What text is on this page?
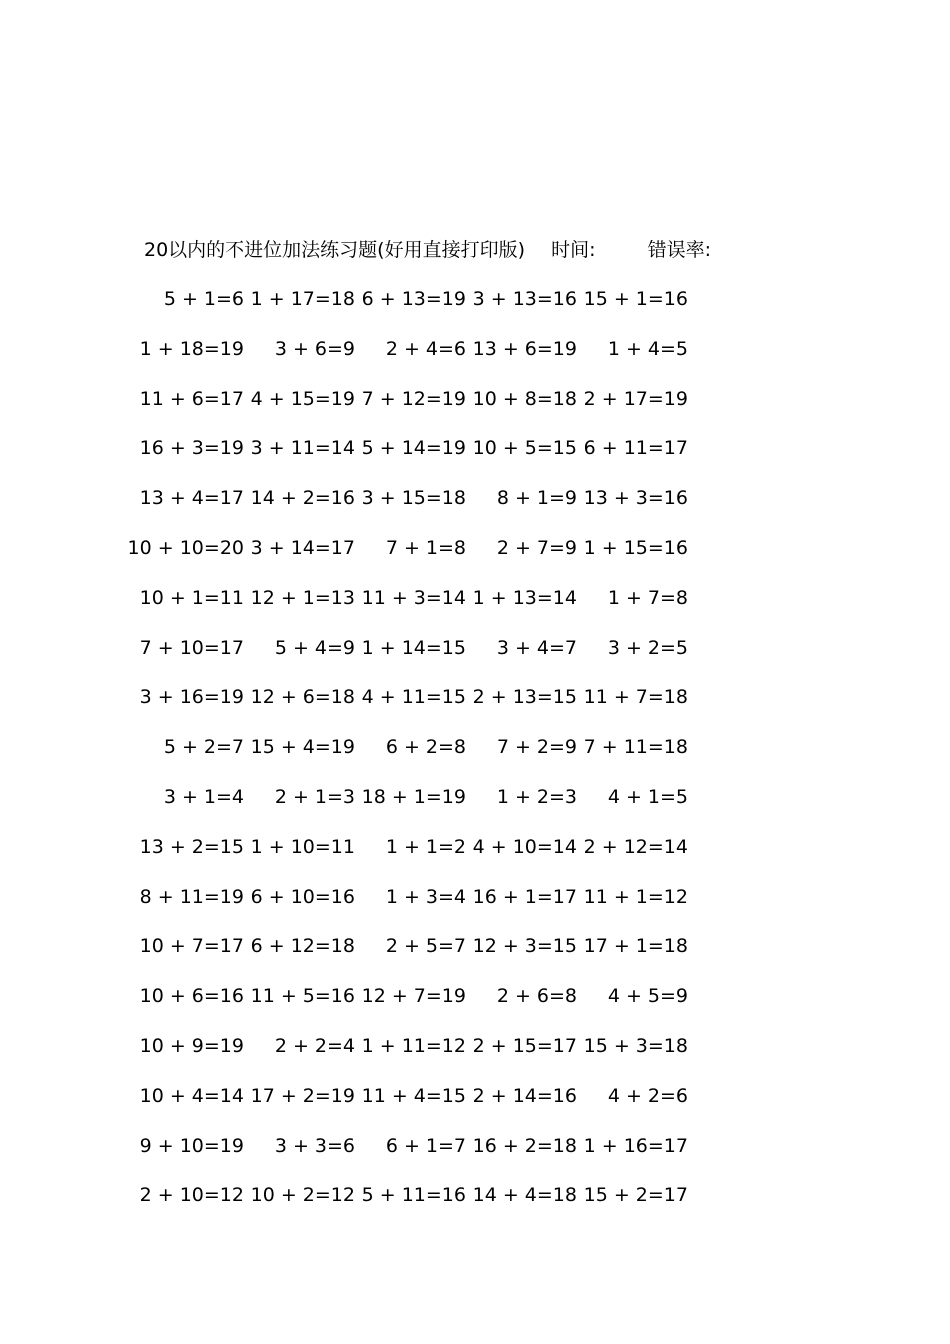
20以内的不进位加法练习题(好用直接打印版) 时间:	错误率:
5 + 1=6 1 + 17=18 6 + 13=19 3 + 13=16 15 + 1=16
1 + 18=19	3 + 6=9	2 + 4=6 13 + 6=19	1 + 4=5
11 + 6=17 4 + 15=19 7 + 12=19 10 + 8=18 2 + 17=19
16 + 3=19 3 + 11=14 5 + 14=19 10 + 5=15 6 + 11=17
13 + 4=17 14 + 2=16 3 + 15=18	8 + 1=9 13 + 3=16
10 + 10=20 3 + 14=17	7 + 1=8	2 + 7=9 1 + 15=16
10 + 1=11 12 + 1=13 11 + 3=14 1 + 13=14	1 + 7=8
7 + 10=17	5 + 4=9 1 + 14=15	3 + 4=7	3 + 2=5
3 + 16=19 12 + 6=18 4 + 11=15 2 + 13=15 11 + 7=18
5 + 2=7 15 + 4=19	6 + 2=8	7 + 2=9 7 + 11=18
3 + 1=4	2 + 1=3 18 + 1=19	1 + 2=3	4 + 1=5
13 + 2=15 1 + 10=11	1 + 1=2 4 + 10=14 2 + 12=14
8 + 11=19 6 + 10=16	1 + 3=4 16 + 1=17 11 + 1=12
10 + 7=17 6 + 12=18	2 + 5=7 12 + 3=15 17 + 1=18
10 + 6=16 11 + 5=16 12 + 7=19	2 + 6=8	4 + 5=9
10 + 9=19	2 + 2=4 1 + 11=12 2 + 15=17 15 + 3=18
10 + 4=14 17 + 2=19 11 + 4=15 2 + 14=16	4 + 2=6
9 + 10=19	3 + 3=6	6 + 1=7 16 + 2=18 1 + 16=17
2 + 10=12 10 + 2=12 5 + 11=16 14 + 4=18 15 + 2=17
